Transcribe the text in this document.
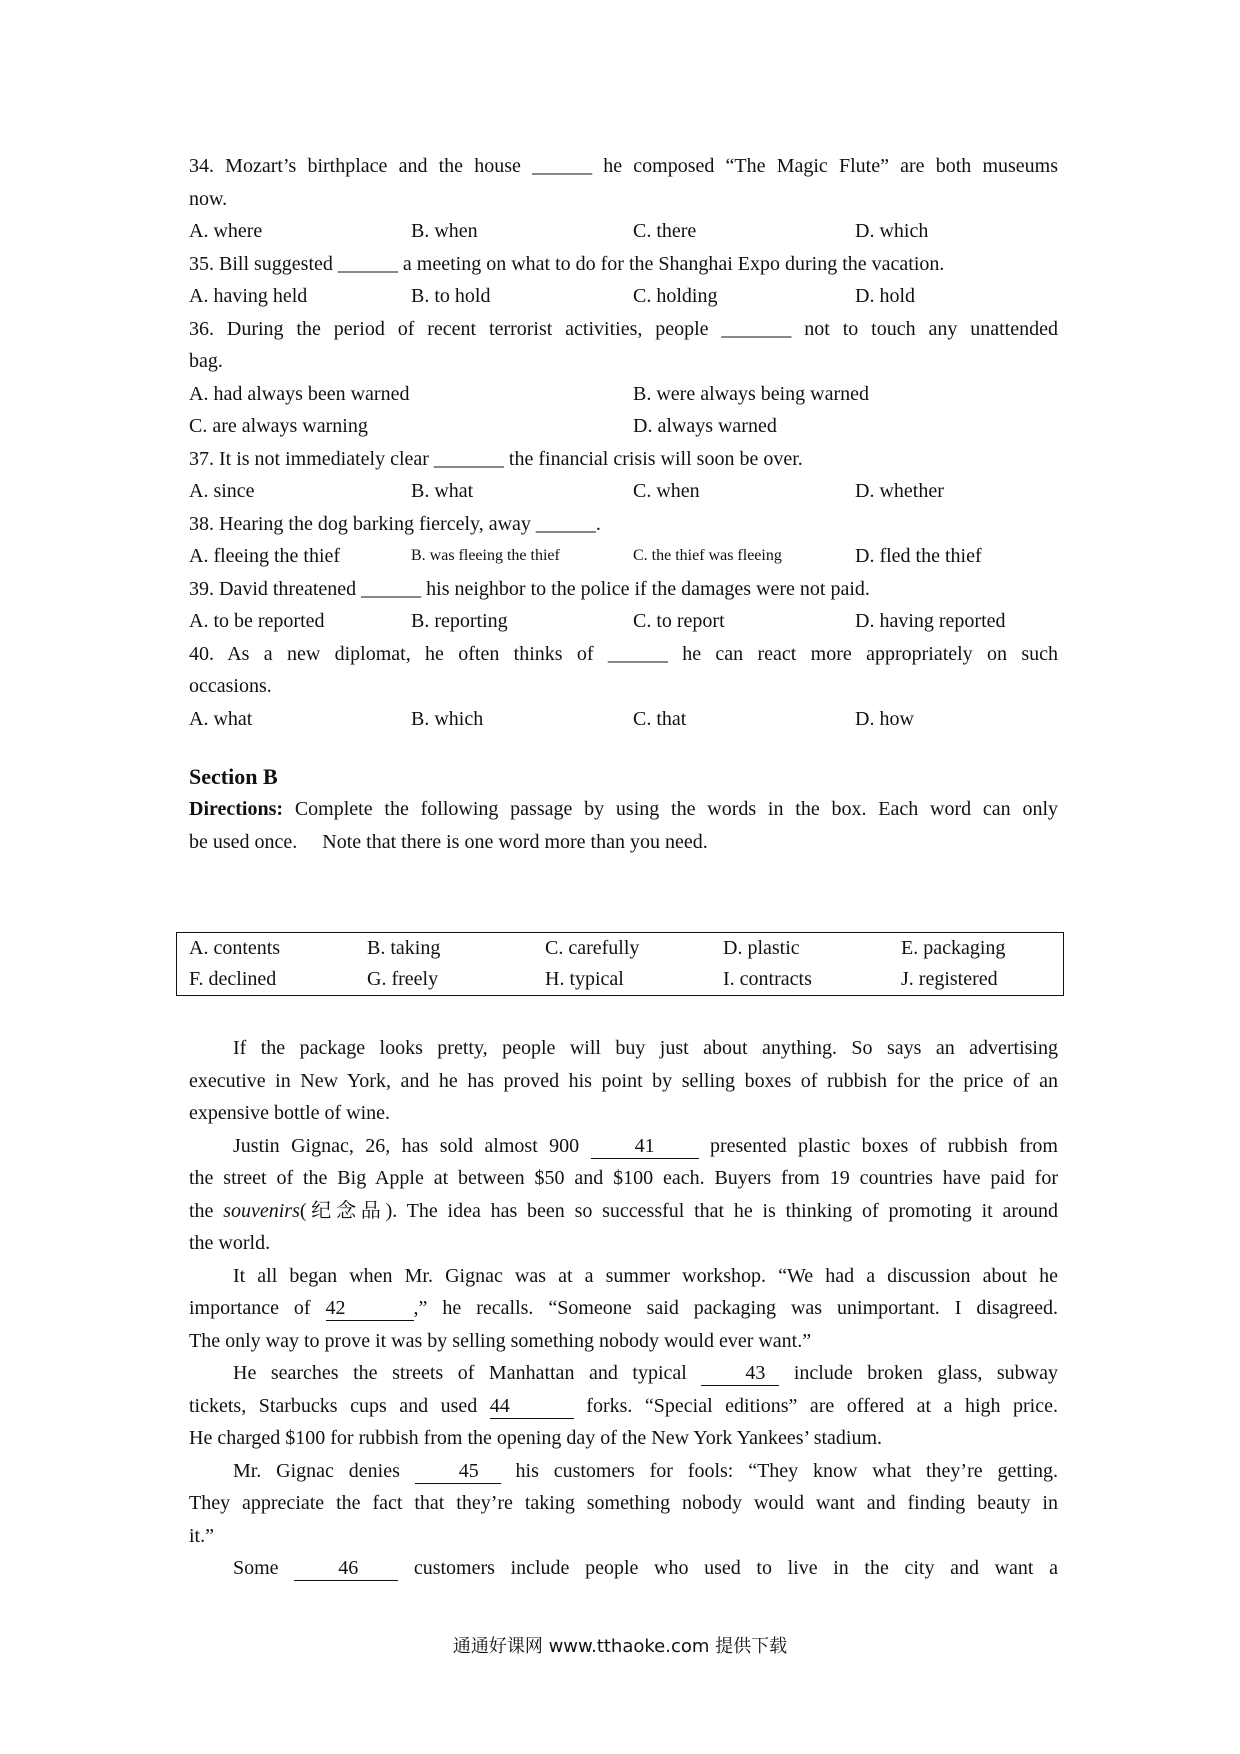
34. Mozart’s birthplace and the house ______ he composed “The Magic Flute” are both museums
now.
A. where	B. when	C. there	D. which
35. Bill suggested ______ a meeting on what to do for the Shanghai Expo during the vacation.
A. having held	B. to hold	C. holding	D. hold
36. During the period of recent terrorist activities, people _______ not to touch any unattended
bag.
A. had always been warned	B. were always being warned
C. are always warning	D. always warned
37. It is not immediately clear _______ the financial crisis will soon be over.
A. since	B. what	C. when	D. whether
38. Hearing the dog barking fiercely, away ______.
A. fleeing the thief	B. was fleeing the thief	C. the thief was fleeing	D. fled the thief
39. David threatened ______ his neighbor to the police if the damages were not paid.
A. to be reported	B. reporting	C. to report	D. having reported
40. As a new diplomat, he often thinks of ______ he can react more appropriately on such
occasions.
A. what	B. which	C. that	D. how
Section B
Directions: Complete the following passage by using the words in the box. Each word can only
be used once.     Note that there is one word more than you need.
A. contents	B. taking	C. carefully	D. plastic	E. packaging
F. declined	G. freely	H. typical	I. contracts	J. registered
If the package looks pretty, people will buy just about anything. So says an advertising
executive in New York, and he has proved his point by selling boxes of rubbish for the price of an
expensive bottle of wine.
Justin Gignac, 26, has sold almost 900 41 presented plastic boxes of rubbish from
the street of the Big Apple at between $50 and $100 each. Buyers from 19 countries have paid for
the souvenirs(纪念品). The idea has been so successful that he is thinking of promoting it around
the world.
It all began when Mr. Gignac was at a summer workshop. “We had a discussion about he
importance of 42	,” he recalls. “Someone said packaging was unimportant. I disagreed.
The only way to prove it was by selling something nobody would ever want.”
He searches the streets of Manhattan and typical 43 include broken glass, subway
tickets, Starbucks cups and used 44	forks. “Special editions” are offered at a high price.
He charged $100 for rubbish from the opening day of the New York Yankees’ stadium.
Mr. Gignac denies 45 his customers for fools: “They know what they’re getting.
They appreciate the fact that they’re taking something nobody would want and finding beauty in
it.”
Some 46 customers include people who used to live in the city and want a
通通好课网 www.tthaoke.com 提供下载
